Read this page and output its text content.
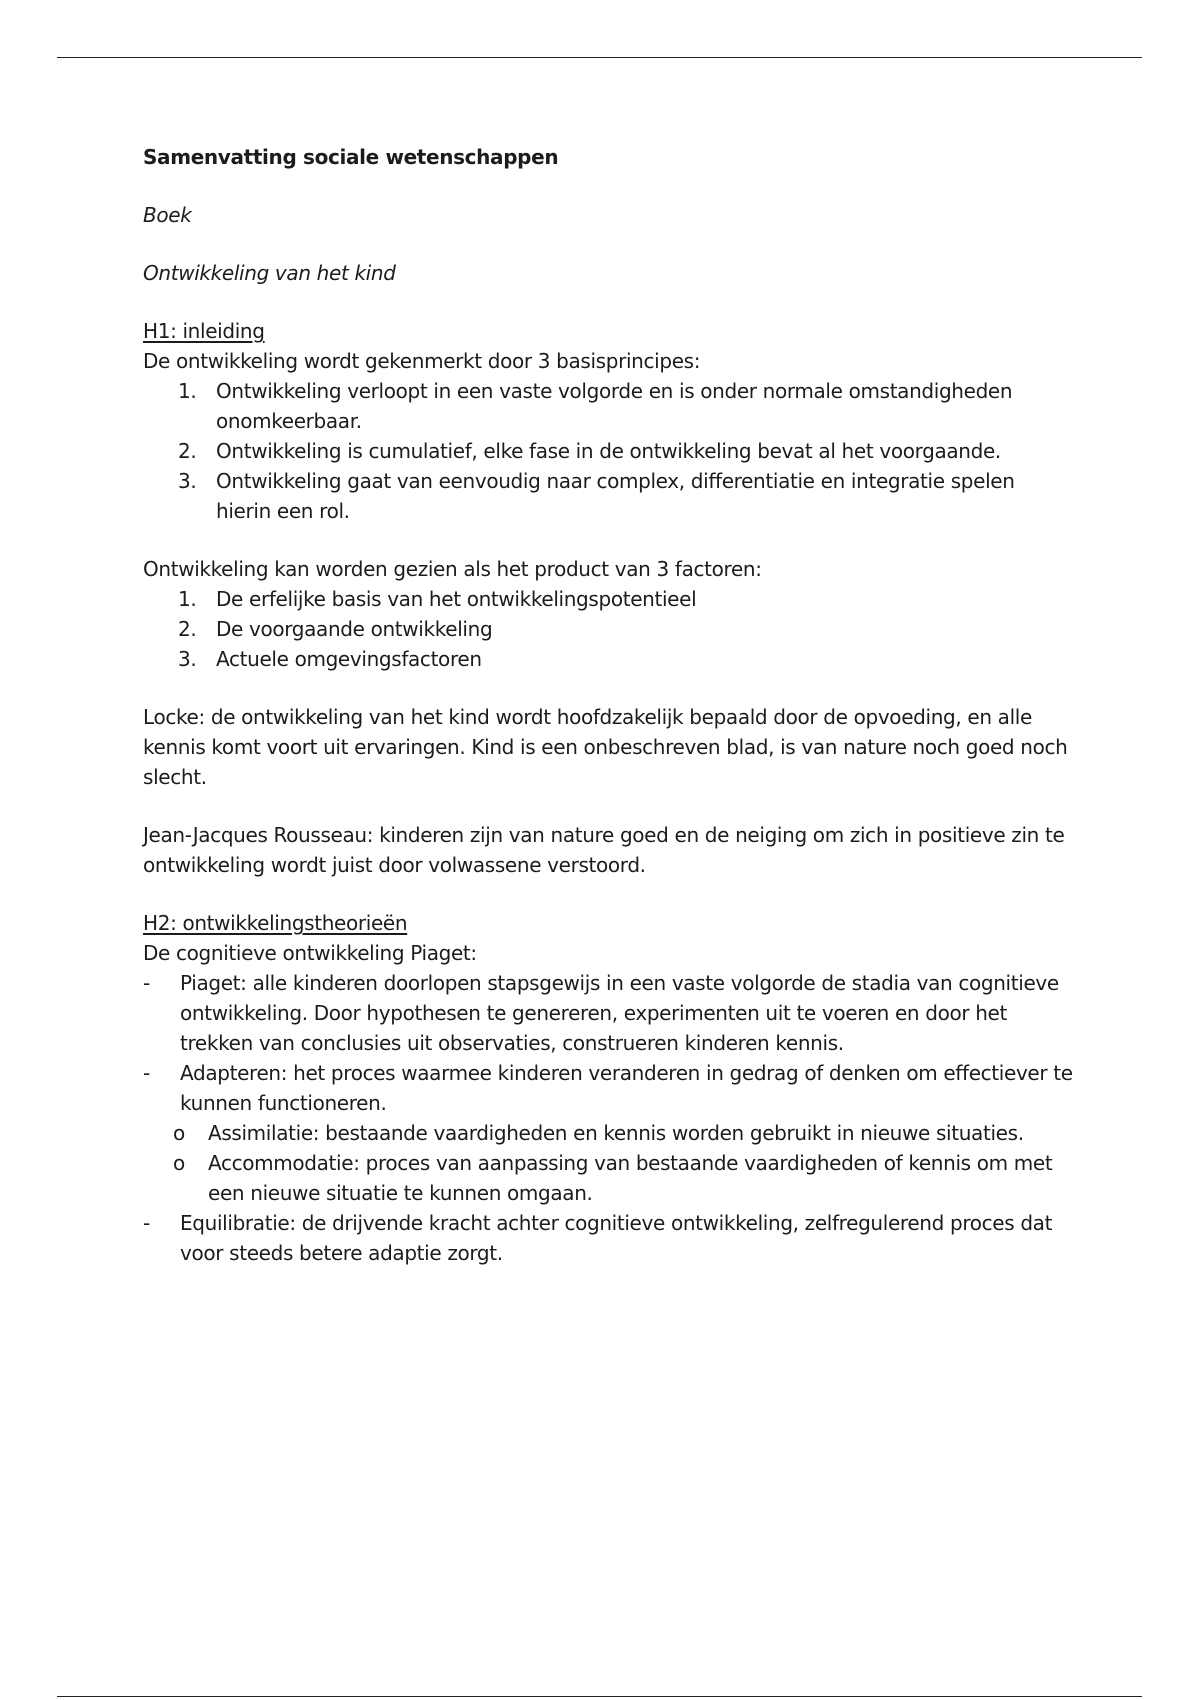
Samenvatting sociale wetenschappen

Boek

Ontwikkeling van het kind

H1: inleiding

De ontwikkeling wordt gekenmerkt door 3 basisprincipes:

1. Ontwikkeling verloopt in een vaste volgorde en is onder normale omstandigheden onomkeerbaar.
2. Ontwikkeling is cumulatief, elke fase in de ontwikkeling bevat al het voorgaande.
3. Ontwikkeling gaat van eenvoudig naar complex, differentiatie en integratie spelen hierin een rol.

Ontwikkeling kan worden gezien als het product van 3 factoren:

1. De erfelijke basis van het ontwikkelingspotentieel
2. De voorgaande ontwikkeling
3. Actuele omgevingsfactoren

Locke: de ontwikkeling van het kind wordt hoofdzakelijk bepaald door de opvoeding, en alle kennis komt voort uit ervaringen. Kind is een onbeschreven blad, is van nature noch goed noch slecht.

Jean-Jacques Rousseau: kinderen zijn van nature goed en de neiging om zich in positieve zin te ontwikkeling wordt juist door volwassene verstoord.

H2: ontwikkelingstheorieën

De cognitieve ontwikkeling Piaget:

- Piaget: alle kinderen doorlopen stapsgewijs in een vaste volgorde de stadia van cognitieve ontwikkeling. Door hypothesen te genereren, experimenten uit te voeren en door het trekken van conclusies uit observaties, construeren kinderen kennis.
- Adapteren: het proces waarmee kinderen veranderen in gedrag of denken om effectiever te kunnen functioneren.
o Assimilatie: bestaande vaardigheden en kennis worden gebruikt in nieuwe situaties.
o Accommodatie: proces van aanpassing van bestaande vaardigheden of kennis om met een nieuwe situatie te kunnen omgaan.
- Equilibratie: de drijvende kracht achter cognitieve ontwikkeling, zelfregulerend proces dat voor steeds betere adaptie zorgt.
